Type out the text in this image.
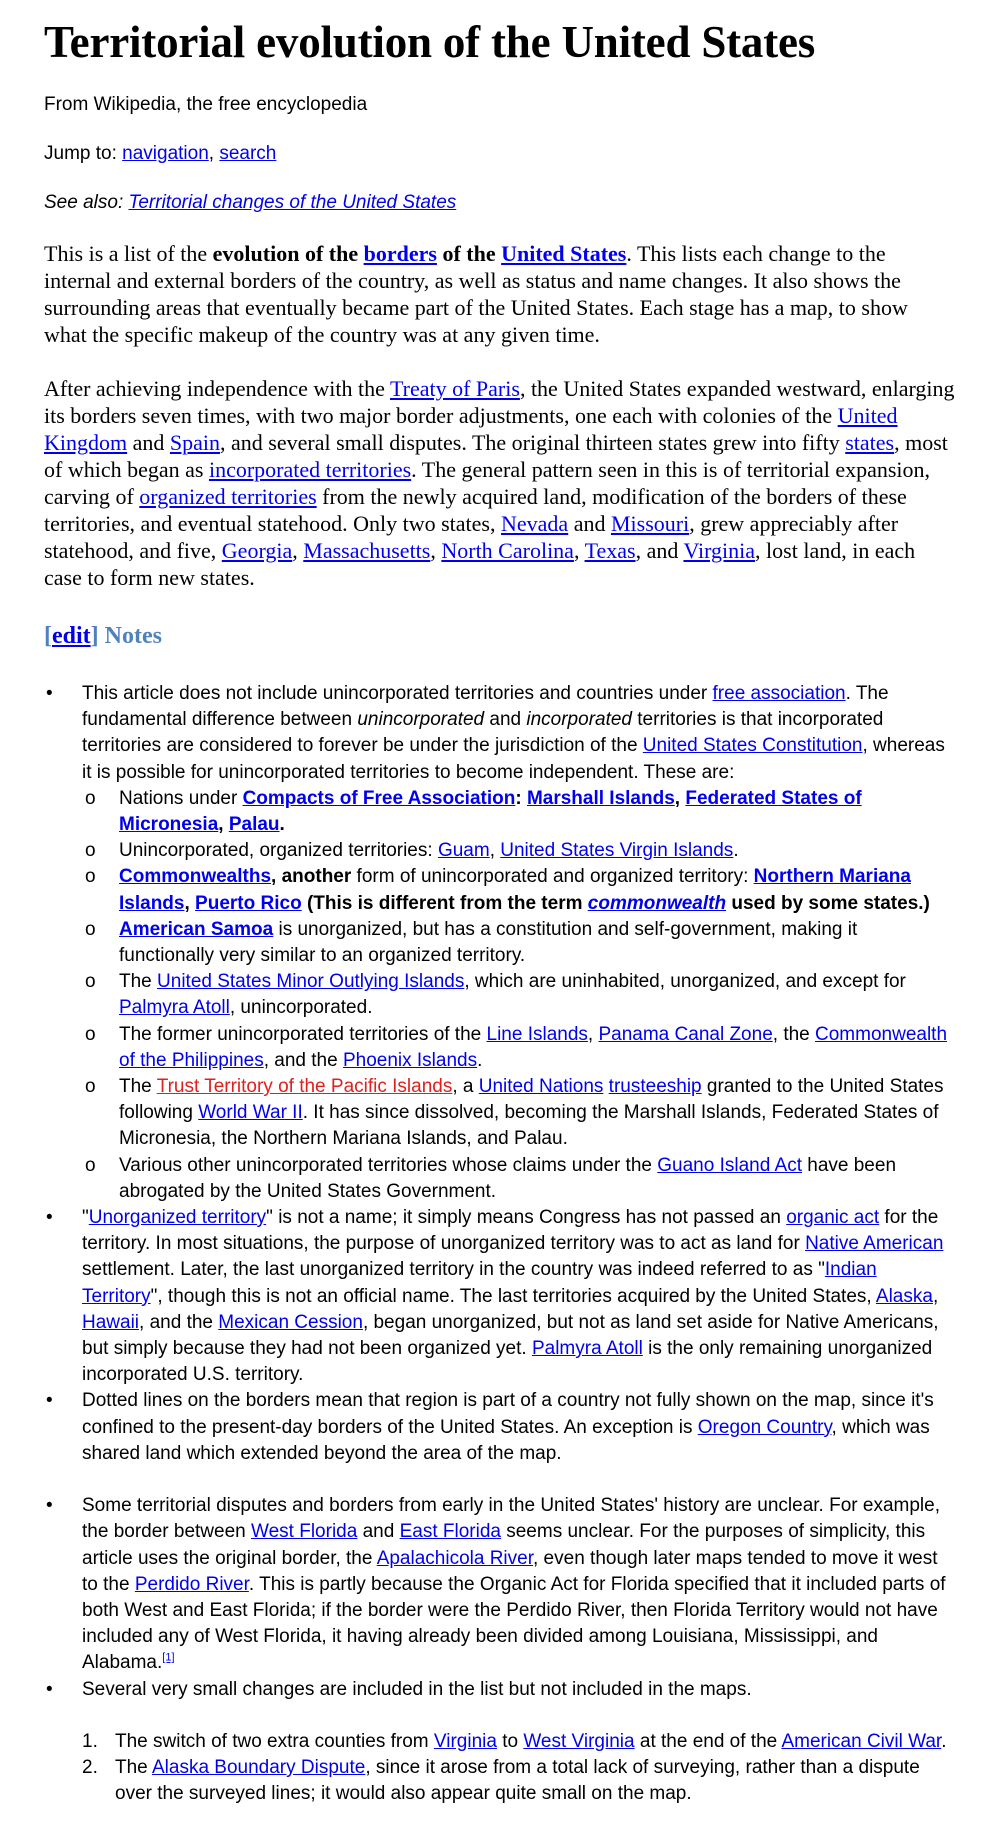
Territorial evolution of the United States
From Wikipedia, the free encyclopedia
Jump to: navigation, search
See also: Territorial changes of the United States

This is a list of the evolution of the borders of the United States. This lists each change to the internal and external borders of the country, as well as status and name changes. It also shows the surrounding areas that eventually became part of the United States. Each stage has a map, to show what the specific makeup of the country was at any given time.

After achieving independence with the Treaty of Paris, the United States expanded westward, enlarging its borders seven times, with two major border adjustments, one each with colonies of the United Kingdom and Spain, and several small disputes. The original thirteen states grew into fifty states, most of which began as incorporated territories. The general pattern seen in this is of territorial expansion, carving of organized territories from the newly acquired land, modification of the borders of these territories, and eventual statehood. Only two states, Nevada and Missouri, grew appreciably after statehood, and five, Georgia, Massachusetts, North Carolina, Texas, and Virginia, lost land, in each case to form new states.

[edit] Notes
• This article does not include unincorporated territories and countries under free association. The fundamental difference between unincorporated and incorporated territories is that incorporated territories are considered to forever be under the jurisdiction of the United States Constitution, whereas it is possible for unincorporated territories to become independent. These are:
o Nations under Compacts of Free Association: Marshall Islands, Federated States of Micronesia, Palau.
o Unincorporated, organized territories: Guam, United States Virgin Islands.
o Commonwealths, another form of unincorporated and organized territory: Northern Mariana Islands, Puerto Rico (This is different from the term commonwealth used by some states.)
o American Samoa is unorganized, but has a constitution and self-government, making it functionally very similar to an organized territory.
o The United States Minor Outlying Islands, which are uninhabited, unorganized, and except for Palmyra Atoll, unincorporated.
o The former unincorporated territories of the Line Islands, Panama Canal Zone, the Commonwealth of the Philippines, and the Phoenix Islands.
o The Trust Territory of the Pacific Islands, a United Nations trusteeship granted to the United States following World War II. It has since dissolved, becoming the Marshall Islands, Federated States of Micronesia, the Northern Mariana Islands, and Palau.
o Various other unincorporated territories whose claims under the Guano Island Act have been abrogated by the United States Government.
• "Unorganized territory" is not a name; it simply means Congress has not passed an organic act for the territory. In most situations, the purpose of unorganized territory was to act as land for Native American settlement. Later, the last unorganized territory in the country was indeed referred to as "Indian Territory", though this is not an official name. The last territories acquired by the United States, Alaska, Hawaii, and the Mexican Cession, began unorganized, but not as land set aside for Native Americans, but simply because they had not been organized yet. Palmyra Atoll is the only remaining unorganized incorporated U.S. territory.
• Dotted lines on the borders mean that region is part of a country not fully shown on the map, since it's confined to the present-day borders of the United States. An exception is Oregon Country, which was shared land which extended beyond the area of the map.
• Some territorial disputes and borders from early in the United States' history are unclear. For example, the border between West Florida and East Florida seems unclear. For the purposes of simplicity, this article uses the original border, the Apalachicola River, even though later maps tended to move it west to the Perdido River. This is partly because the Organic Act for Florida specified that it included parts of both West and East Florida; if the border were the Perdido River, then Florida Territory would not have included any of West Florida, it having already been divided among Louisiana, Mississippi, and Alabama.[1]
• Several very small changes are included in the list but not included in the maps.
1. The switch of two extra counties from Virginia to West Virginia at the end of the American Civil War.
2. The Alaska Boundary Dispute, since it arose from a total lack of surveying, rather than a dispute over the surveyed lines; it would also appear quite small on the map.
